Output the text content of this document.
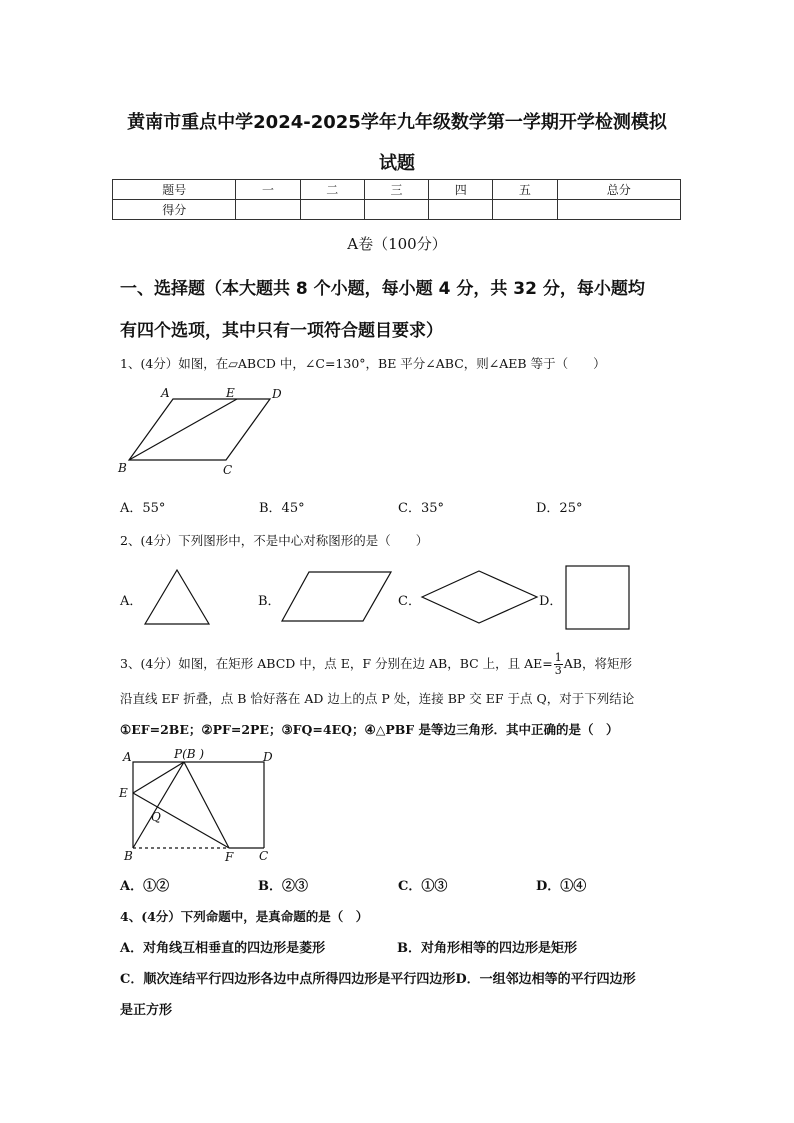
黄南市重点中学2024-2025学年九年级数学第一学期开学检测模拟
试题
题号	一	二	三	四	五	总分
得分						
A卷（100分）
一、选择题（本大题共 8 个小题，每小题 4 分，共 32 分，每小题均
有四个选项，其中只有一项符合题目要求）
1、(4分）如图，在▱ABCD 中，∠C=130°，BE 平分∠ABC，则∠AEB 等于（　　）
A	E	D
B	C
A．55°	B．45°	C．35°	D．25°
2、(4分）下列图形中，不是中心对称图形的是（　　）
A．	B．	C．	D．
3、(4分）如图，在矩形 ABCD 中，点 E，F 分别在边 AB，BC 上，且 $AE= \frac{1}{3}$ AB，将矩形
沿直线 EF 折叠，点 B 恰好落在 AD 边上的点 P 处，连接 BP 交 EF 于点 Q，对于下列结论
①EF=2BE；②PF=2PE；③FQ=4EQ；④△PBF 是等边三角形．其中正确的是（　）
A	P(B )	D
E
Q
B	F C
A．①②	B．②③	C．①③	D．①④
4、(4分）下列命题中，是真命题的是（　）
A．对角线互相垂直的四边形是菱形	B．对角形相等的四边形是矩形
C．顺次连结平行四边形各边中点所得四边形是平行四边形D．一组邻边相等的平行四边形
是正方形
